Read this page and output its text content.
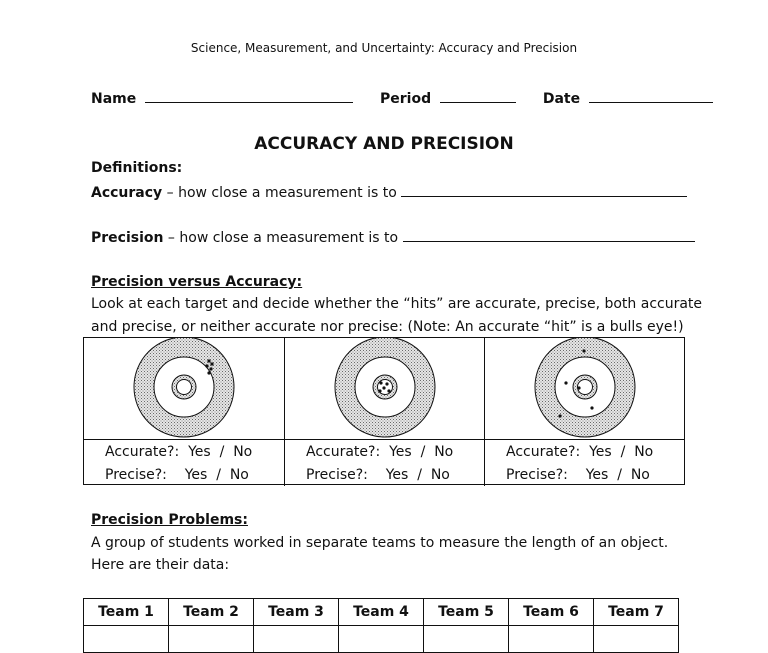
Science, Measurement, and Uncertainty: Accuracy and Precision
Name	Period	Date
ACCURACY AND PRECISION
Definitions:
Accuracy – how close a measurement is to
Precision – how close a measurement is to
Precision versus Accuracy:
Look at each target and decide whether the “hits” are accurate, precise, both accurate
and precise, or neither accurate nor precise: (Note: An accurate “hit” is a bulls eye!)
Accurate?:  Yes  /  No
Precise?:    Yes  /  No
Accurate?:  Yes  /  No
Precise?:    Yes  /  No
Accurate?:  Yes  /  No
Precise?:    Yes  /  No
Precision Problems:
A group of students worked in separate teams to measure the length of an object.
Here are their data:
Team 1	Team 2	Team 3	Team 4	Team 5	Team 6	Team 7
